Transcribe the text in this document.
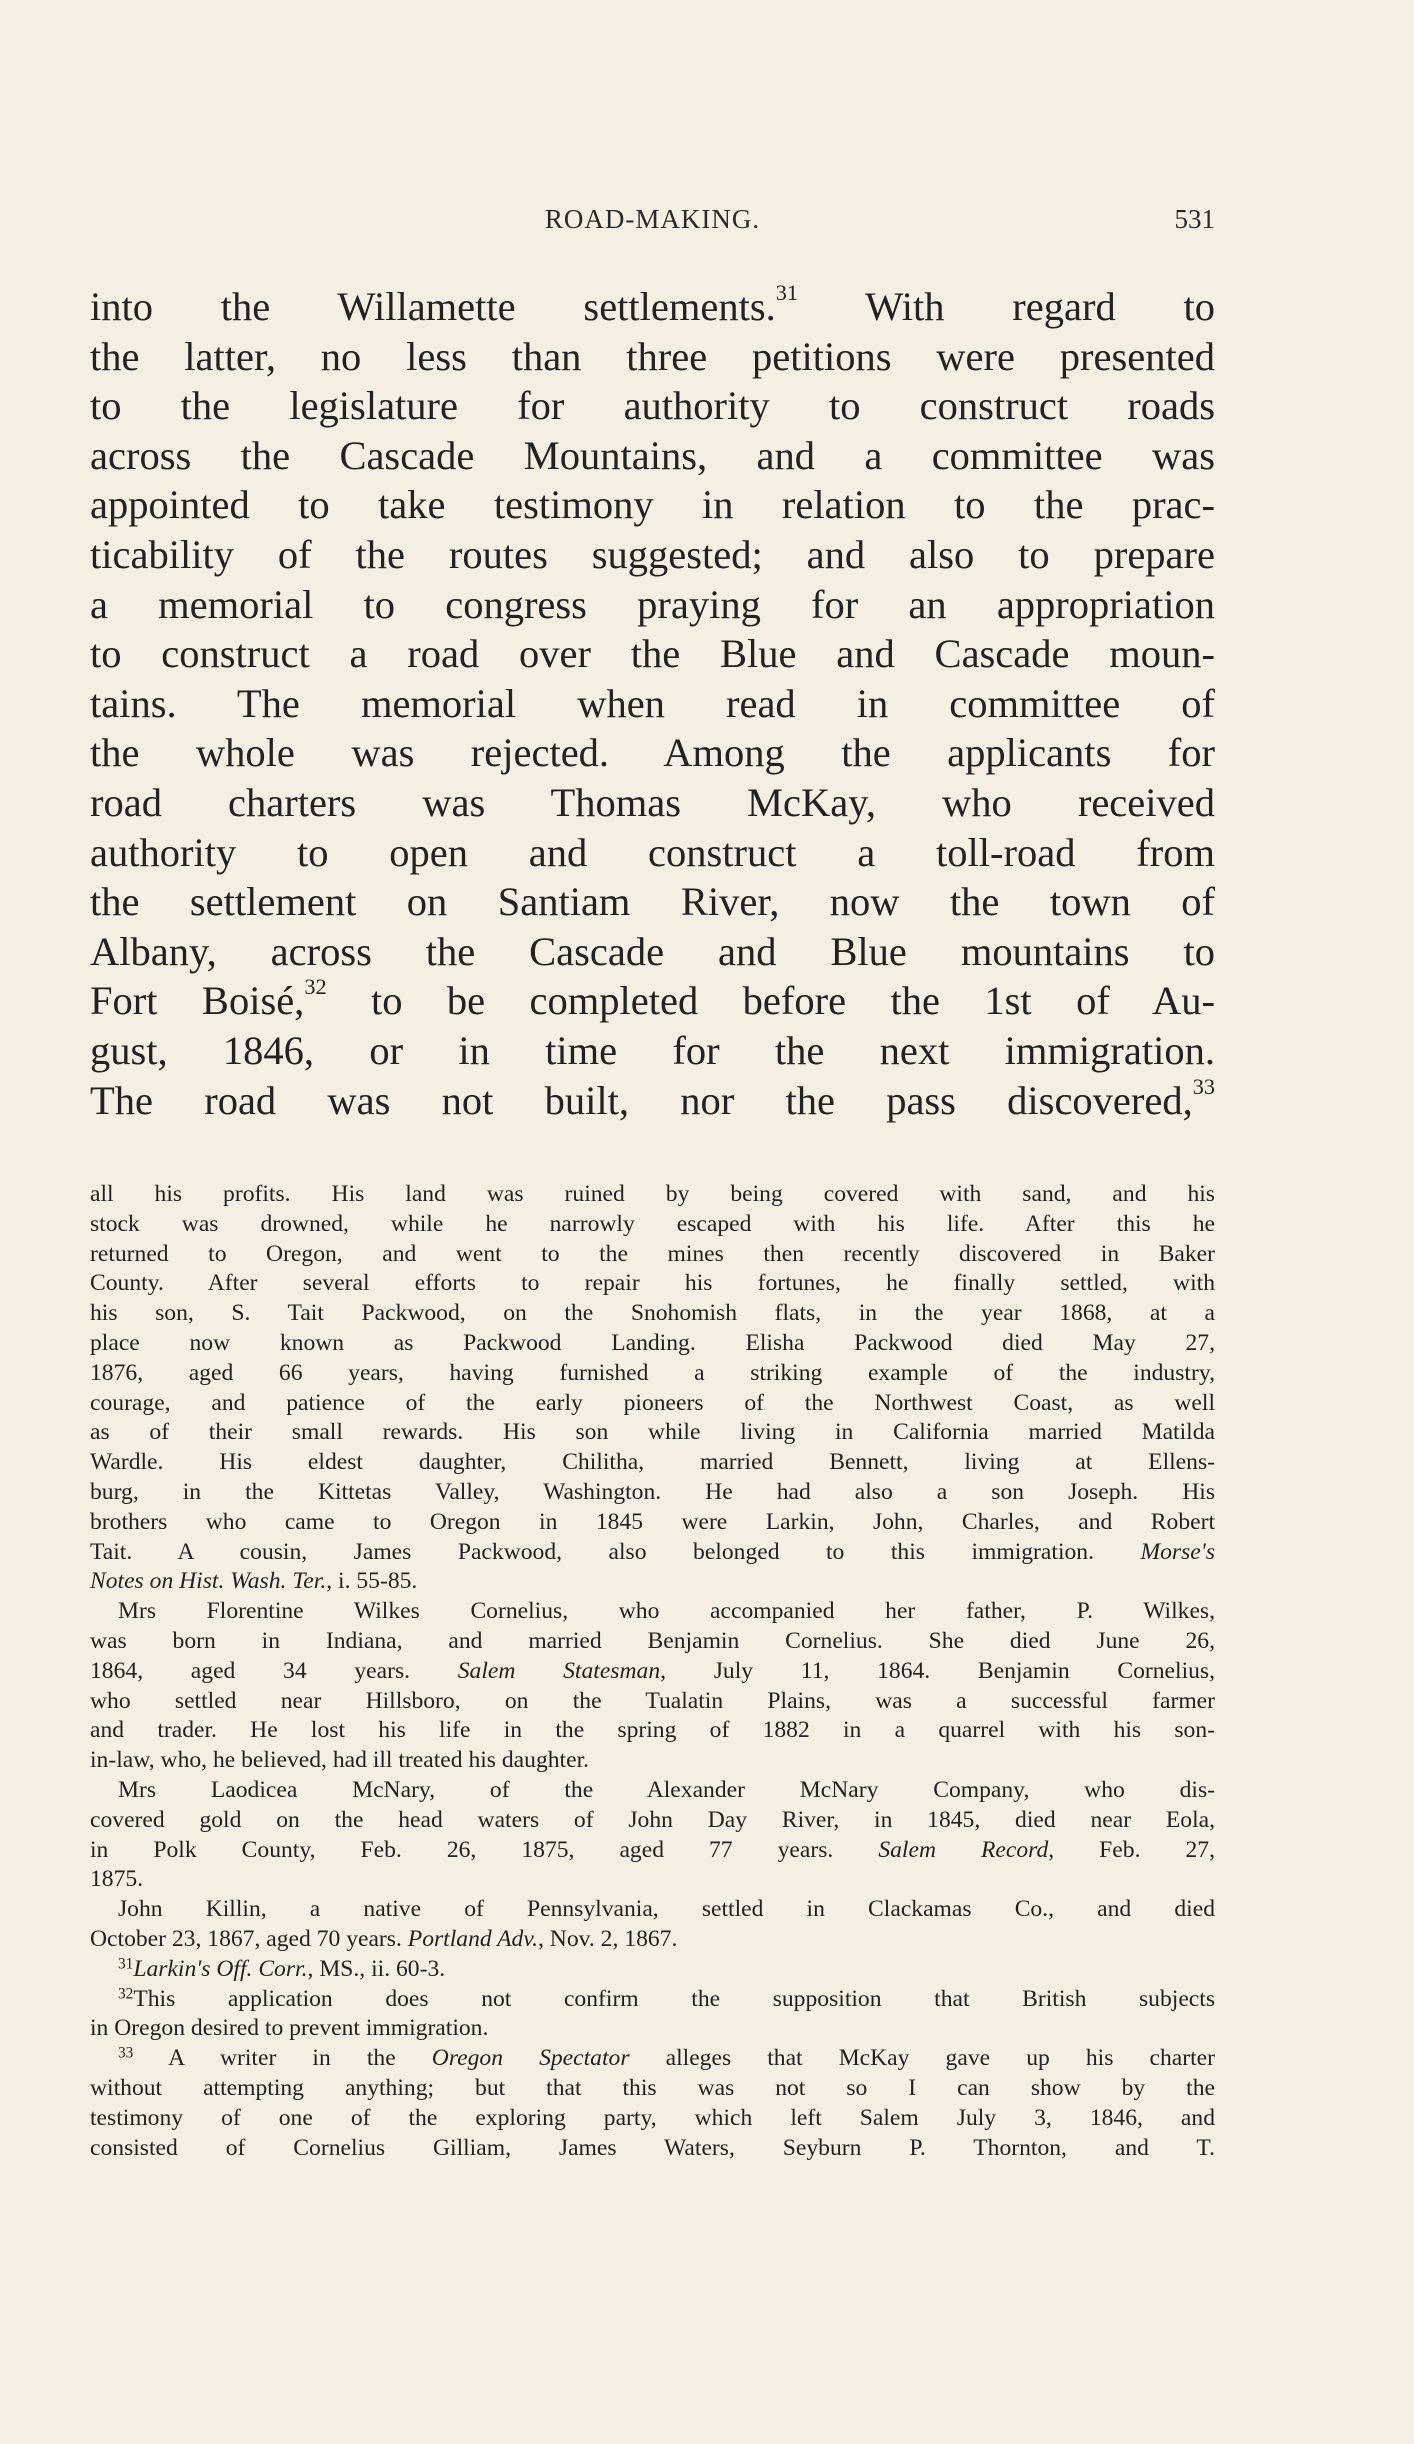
ROAD-MAKING.	531
into the Willamette settlements.$^{31}$ With regard to
the latter, no less than three petitions were presented
to the legislature for authority to construct roads
across the Cascade Mountains, and a committee was
appointed to take testimony in relation to the prac-
ticability of the routes suggested; and also to prepare
a memorial to congress praying for an appropriation
to construct a road over the Blue and Cascade moun-
tains. The memorial when read in committee of
the whole was rejected. Among the applicants for
road charters was Thomas McKay, who received
authority to open and construct a toll-road from
the settlement on Santiam River, now the town of
Albany, across the Cascade and Blue mountains to
Fort Boisé,$^{32}$ to be completed before the 1st of Au-
gust, 1846, or in time for the next immigration.
The road was not built, nor the pass discovered,$^{33}$
all his profits. His land was ruined by being covered with sand, and his
stock was drowned, while he narrowly escaped with his life. After this he
returned to Oregon, and went to the mines then recently discovered in Baker
County. After several efforts to repair his fortunes, he finally settled, with
his son, S. Tait Packwood, on the Snohomish flats, in the year 1868, at a
place now known as Packwood Landing. Elisha Packwood died May 27,
1876, aged 66 years, having furnished a striking example of the industry,
courage, and patience of the early pioneers of the Northwest Coast, as well
as of their small rewards. His son while living in California married Matilda
Wardle. His eldest daughter, Chilitha, married Bennett, living at Ellens-
burg, in the Kittetas Valley, Washington. He had also a son Joseph. His
brothers who came to Oregon in 1845 were Larkin, John, Charles, and Robert
Tait. A cousin, James Packwood, also belonged to this immigration. Morse's
Notes on Hist. Wash. Ter., i. 55-85.
Mrs Florentine Wilkes Cornelius, who accompanied her father, P. Wilkes,
was born in Indiana, and married Benjamin Cornelius. She died June 26,
1864, aged 34 years. Salem Statesman, July 11, 1864. Benjamin Cornelius,
who settled near Hillsboro, on the Tualatin Plains, was a successful farmer
and trader. He lost his life in the spring of 1882 in a quarrel with his son-
in-law, who, he believed, had ill treated his daughter.
Mrs Laodicea McNary, of the Alexander McNary Company, who dis-
covered gold on the head waters of John Day River, in 1845, died near Eola,
in Polk County, Feb. 26, 1875, aged 77 years. Salem Record, Feb. 27,
1875.
John Killin, a native of Pennsylvania, settled in Clackamas Co., and died
October 23, 1867, aged 70 years. Portland Adv., Nov. 2, 1867.
$^{31}$Larkin's Off. Corr., MS., ii. 60-3.
$^{32}$This application does not confirm the supposition that British subjects
in Oregon desired to prevent immigration.
$^{33}$ A writer in the Oregon Spectator alleges that McKay gave up his charter
without attempting anything; but that this was not so I can show by the
testimony of one of the exploring party, which left Salem July 3, 1846, and
consisted of Cornelius Gilliam, James Waters, Seyburn P. Thornton, and T.
